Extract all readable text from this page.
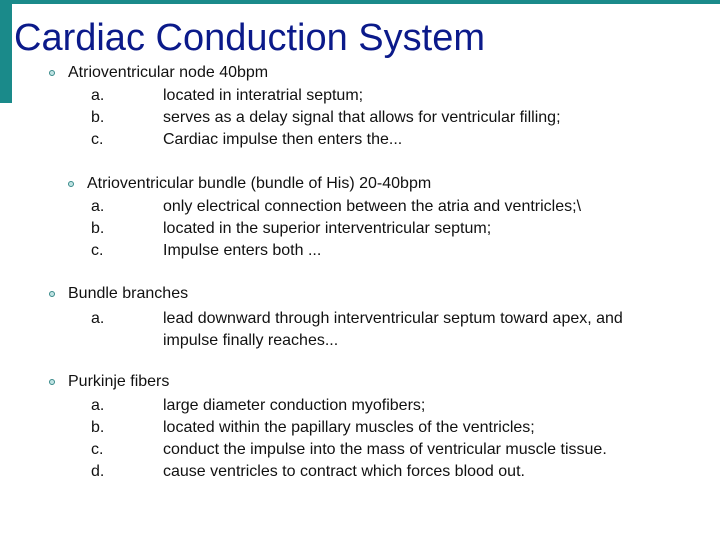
Cardiac Conduction System
Atrioventricular node 40bpm
a.	located in interatrial septum;
b.	serves as a delay signal that allows for ventricular filling;
c.	Cardiac impulse then enters the...
Atrioventricular bundle (bundle of His) 20-40bpm
a.	only electrical connection between the atria and ventricles;\
b.	located in the superior interventricular septum;
c.	Impulse enters both ...
Bundle branches
a.	lead downward through interventricular septum toward apex, and
impulse finally reaches...
Purkinje fibers
a.	large diameter conduction myofibers;
b.	located within the papillary muscles of the ventricles;
c.	conduct the impulse into the mass of ventricular muscle tissue.
d.	cause ventricles to contract which forces blood out.
